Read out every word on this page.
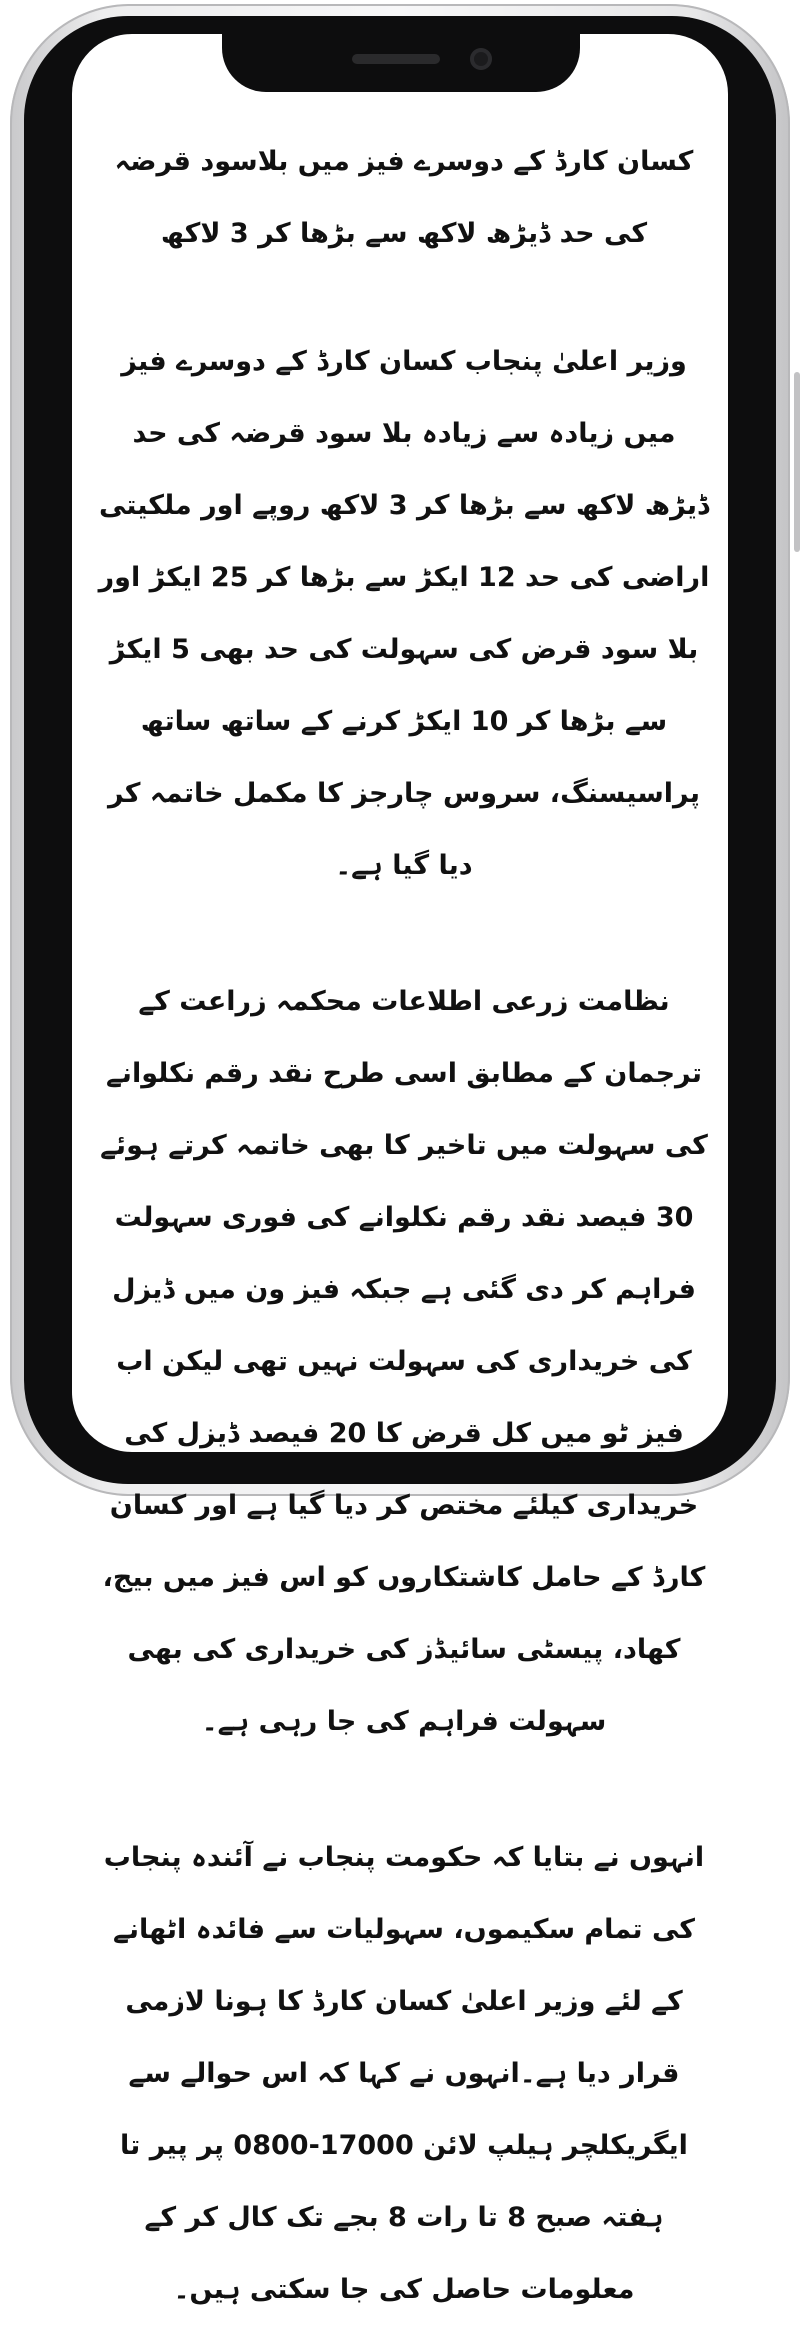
کسان کارڈ کے دوسرے فیز میں بلاسود قرضہ کی حد ڈیڑھ لاکھ سے بڑھا کر 3 لاکھ

وزیر اعلیٰ پنجاب کسان کارڈ کے دوسرے فیز میں زیادہ سے زیادہ بلا سود قرضہ کی حد ڈیڑھ لاکھ سے بڑھا کر 3 لاکھ روپے اور ملکیتی اراضی کی حد 12 ایکڑ سے بڑھا کر 25 ایکڑ اور بلا سود قرض کی سہولت کی حد بھی 5 ایکڑ سے بڑھا کر 10 ایکڑ کرنے کے ساتھ ساتھ پراسیسنگ، سروس چارجز کا مکمل خاتمہ کر دیا گیا ہے۔

نظامت زرعی اطلاعات محکمہ زراعت کے ترجمان کے مطابق اسی طرح نقد رقم نکلوانے کی سہولت میں تاخیر کا بھی خاتمہ کرتے ہوئے 30 فیصد نقد رقم نکلوانے کی فوری سہولت فراہم کر دی گئی ہے جبکہ فیز ون میں ڈیزل کی خریداری کی سہولت نہیں تھی لیکن اب فیز ٹو میں کل قرض کا 20 فیصد ڈیزل کی خریداری کیلئے مختص کر دیا گیا ہے اور کسان کارڈ کے حامل کاشتکاروں کو اس فیز میں بیج، کھاد، پیسٹی سائیڈز کی خریداری کی بھی سہولت فراہم کی جا رہی ہے۔

انہوں نے بتایا کہ حکومت پنجاب نے آئندہ پنجاب کی تمام سکیموں، سہولیات سے فائدہ اٹھانے کے لئے وزیر اعلیٰ کسان کارڈ کا ہونا لازمی قرار دیا ہے۔انہوں نے کہا کہ اس حوالے سے ایگریکلچر ہیلپ لائن 17000-0800 پر پیر تا ہفتہ صبح 8 تا رات 8 بجے تک کال کر کے معلومات حاصل کی جا سکتی ہیں۔
